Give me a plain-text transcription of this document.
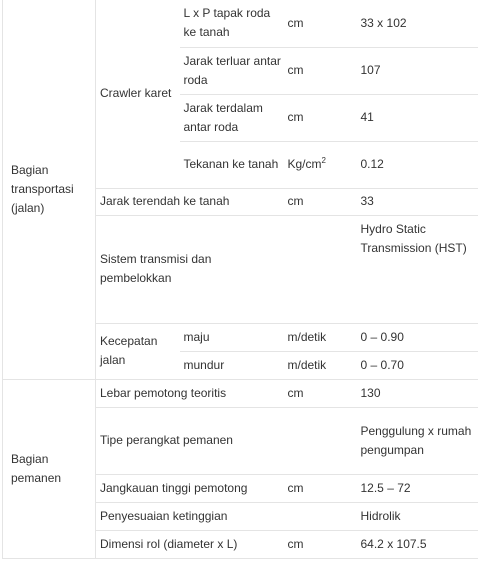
Bagian transportasi (jalan)	Crawler karet	L x P tapak roda ke tanah	cm	33 x 102
		Jarak terluar antar roda	cm	107
		Jarak terdalam antar roda	cm	41
		Tekanan ke tanah	$Kg/cm^2$	0.12
	Jarak terendah ke tanah		cm	33
	Sistem transmisi dan pembelokkan			Hydro Static Transmission (HST)
	Kecepatan jalan	maju	m/detik	0 – 0.90
		mundur	m/detik	0 – 0.70
Bagian pemanen	Lebar pemotong teoritis		cm	130
	Tipe perangkat pemanen			Penggulung x rumah pengumpan
	Jangkauan tinggi pemotong		cm	12.5 – 72
	Penyesuaian ketinggian			Hidrolik
	Dimensi rol (diameter x L)		cm	64.2 x 107.5
